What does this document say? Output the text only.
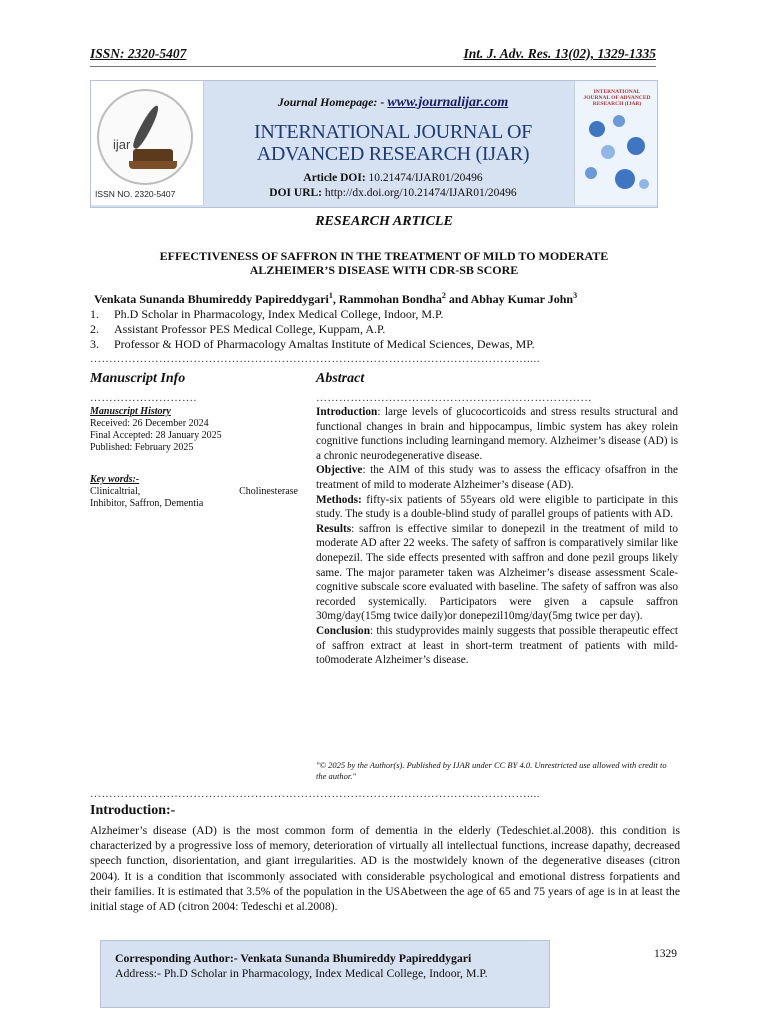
ISSN: 2320-5407	Int. J. Adv. Res. 13(02), 1329-1335
ijar
ISSN NO. 2320-5407
Journal Homepage: - www.journalijar.com
INTERNATIONAL JOURNAL OF
ADVANCED RESEARCH (IJAR)
Article DOI: 10.21474/IJAR01/20496
DOI URL: http://dx.doi.org/10.21474/IJAR01/20496
INTERNATIONAL JOURNAL OF ADVANCED RESEARCH (IJAR)
RESEARCH ARTICLE
EFFECTIVENESS OF SAFFRON IN THE TREATMENT OF MILD TO MODERATE
ALZHEIMER’S DISEASE WITH CDR-SB SCORE
Venkata Sunanda Bhumireddy Papireddygari$^1$, Rammohan Bondha$^2$ and Abhay Kumar John$^3$
1. Ph.D Scholar in Pharmacology, Index Medical College, Indoor, M.P.
2. Assistant Professor PES Medical College, Kuppam, A.P.
3. Professor & HOD of Pharmacology Amaltas Institute of Medical Sciences, Dewas, MP.
……………………………………………………………………………………………………....
Manuscript Info
……………………….
Manuscript History
Received: 26 December 2024
Final Accepted: 28 January 2025
Published: February 2025
Key words:-
Clinicaltrial,	Cholinesterase
Inhibitor, Saffron, Dementia
Abstract
………………………………………………………………

Introduction: large levels of glucocorticoids and stress results structural and functional changes in brain and hippocampus, limbic system has akey rolein cognitive functions including learningand memory. Alzheimer’s disease (AD) is a chronic neurodegenerative disease.

Objective: the AIM of this study was to assess the efficacy ofsaffron in the treatment of mild to moderate Alzheimer’s disease (AD).

Methods: fifty-six patients of 55years old were eligible to participate in this study. The study is a double-blind study of parallel groups of patients with AD.

Results: saffron is effective similar to donepezil in the treatment of mild to moderate AD after 22 weeks. The safety of saffron is comparatively similar like donepezil. The side effects presented with saffron and done pezil groups likely same. The major parameter taken was Alzheimer’s disease assessment Scale-cognitive subscale score evaluated with baseline. The safety of saffron was also recorded systemically. Participators were given a capsule saffron 30mg/day(15mg twice daily)or donepezil10mg/day(5mg twice per day).

Conclusion: this studyprovides mainly suggests that possible therapeutic effect of saffron extract at least in short-term treatment of patients with mild-to0moderate Alzheimer’s disease.

"© 2025 by the Author(s). Published by IJAR under CC BY 4.0. Unrestricted use allowed with credit to the author."
……………………………………………………………………………………………………....
Introduction:-
Alzheimer’s disease (AD) is the most common form of dementia in the elderly (Tedeschiet.al.2008). this condition is characterized by a progressive loss of memory, deterioration of virtually all intellectual functions, increase dapathy, decreased speech function, disorientation, and giant irregularities. AD is the mostwidely known of the degenerative diseases (citron 2004). It is a condition that iscommonly associated with considerable psychological and emotional distress forpatients and their families. It is estimated that 3.5% of the population in the USAbetween the age of 65 and 75 years of age is in at least the initial stage of AD (citron 2004: Tedeschi et al.2008).
Corresponding Author:- Venkata Sunanda Bhumireddy Papireddygari
Address:- Ph.D Scholar in Pharmacology, Index Medical College, Indoor, M.P.
1329
